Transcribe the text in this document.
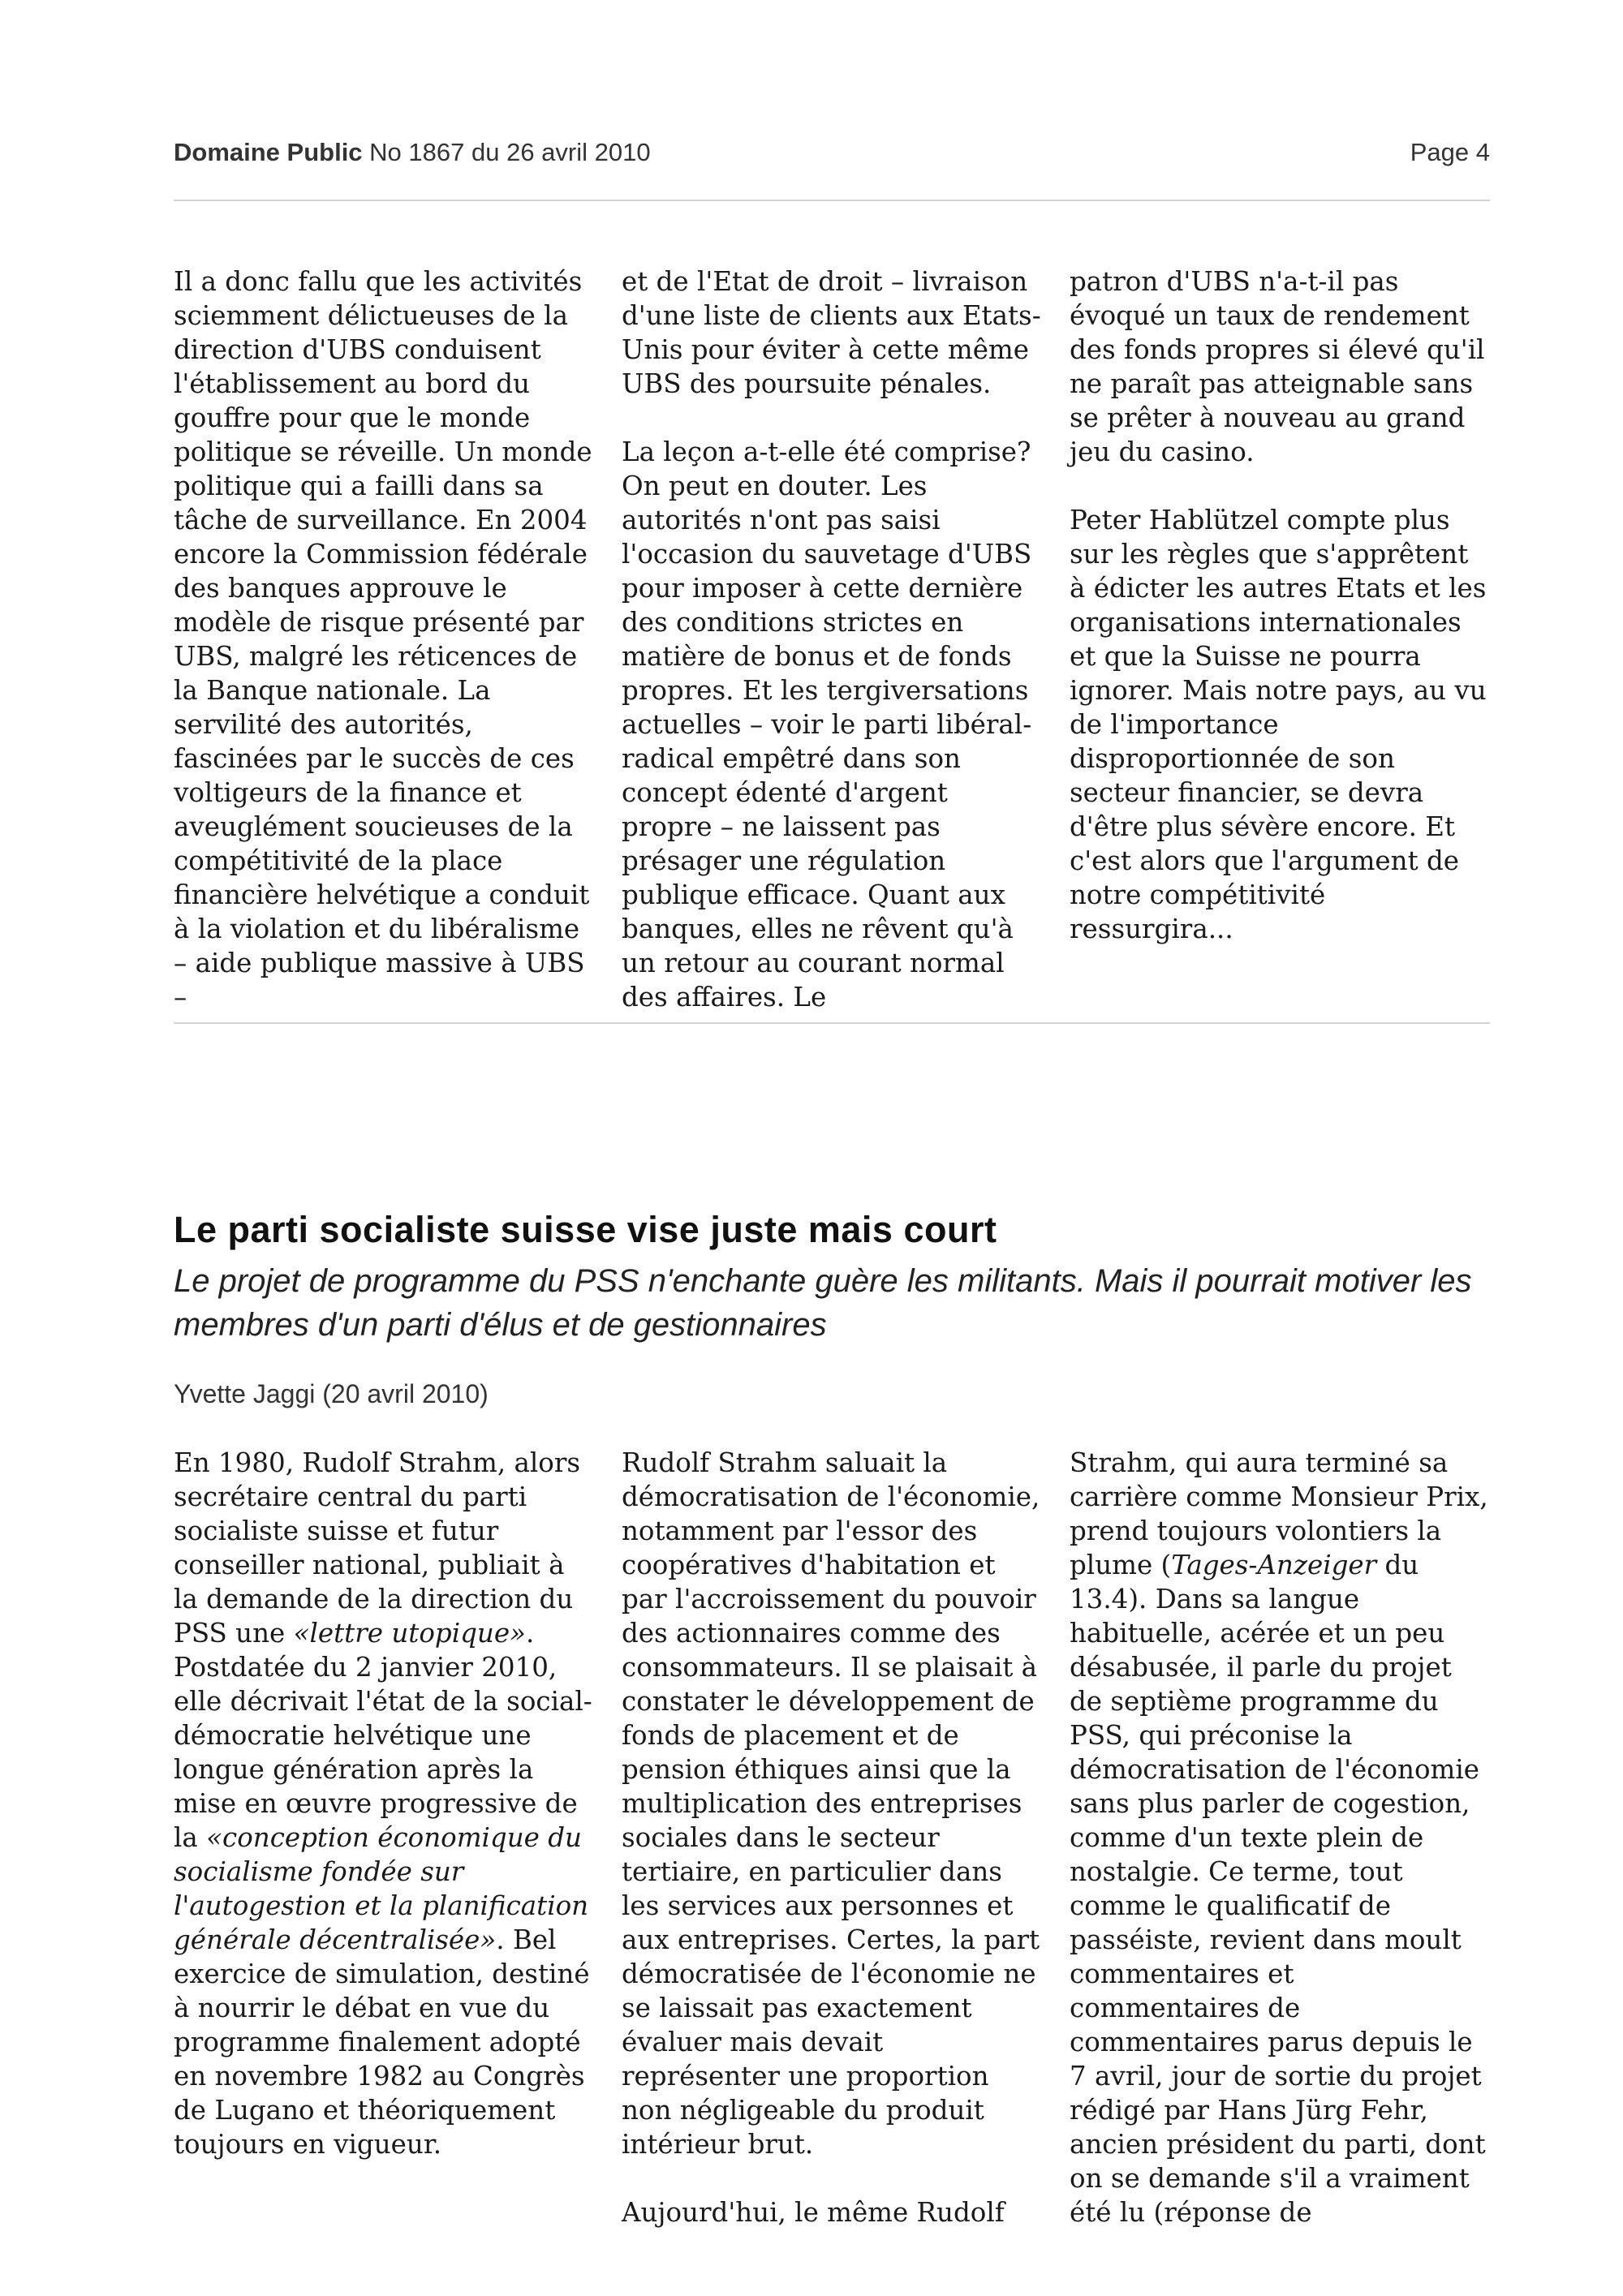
Domaine Public No 1867 du 26 avril 2010	Page 4

Il a donc fallu que les activités sciemment délictueuses de la direction d'UBS conduisent l'établissement au bord du gouffre pour que le monde politique se réveille. Un monde politique qui a failli dans sa tâche de surveillance. En 2004 encore la Commission fédérale des banques approuve le modèle de risque présenté par UBS, malgré les réticences de la Banque nationale. La servilité des autorités, fascinées par le succès de ces voltigeurs de la finance et aveuglément soucieuses de la compétitivité de la place financière helvétique a conduit à la violation et du libéralisme – aide publique massive à UBS –

et de l'Etat de droit – livraison d'une liste de clients aux Etats-Unis pour éviter à cette même UBS des poursuite pénales.

La leçon a-t-elle été comprise? On peut en douter. Les autorités n'ont pas saisi l'occasion du sauvetage d'UBS pour imposer à cette dernière des conditions strictes en matière de bonus et de fonds propres. Et les tergiversations actuelles – voir le parti libéral-radical empêtré dans son concept édenté d'argent propre – ne laissent pas présager une régulation publique efficace. Quant aux banques, elles ne rêvent qu'à un retour au courant normal des affaires. Le

patron d'UBS n'a-t-il pas évoqué un taux de rendement des fonds propres si élevé qu'il ne paraît pas atteignable sans se prêter à nouveau au grand jeu du casino.

Peter Hablützel compte plus sur les règles que s'apprêtent à édicter les autres Etats et les organisations internationales et que la Suisse ne pourra ignorer. Mais notre pays, au vu de l'importance disproportionnée de son secteur financier, se devra d'être plus sévère encore. Et c'est alors que l'argument de notre compétitivité ressurgira...

Le parti socialiste suisse vise juste mais court
Le projet de programme du PSS n'enchante guère les militants. Mais il pourrait motiver les membres d'un parti d'élus et de gestionnaires
Yvette Jaggi (20 avril 2010)

En 1980, Rudolf Strahm, alors secrétaire central du parti socialiste suisse et futur conseiller national, publiait à la demande de la direction du PSS une «lettre utopique». Postdatée du 2 janvier 2010, elle décrivait l'état de la social-démocratie helvétique une longue génération après la mise en œuvre progressive de la «conception économique du socialisme fondée sur l'autogestion et la planification générale décentralisée». Bel exercice de simulation, destiné à nourrir le débat en vue du programme finalement adopté en novembre 1982 au Congrès de Lugano et théoriquement toujours en vigueur.

Rudolf Strahm saluait la démocratisation de l'économie, notamment par l'essor des coopératives d'habitation et par l'accroissement du pouvoir des actionnaires comme des consommateurs. Il se plaisait à constater le développement de fonds de placement et de pension éthiques ainsi que la multiplication des entreprises sociales dans le secteur tertiaire, en particulier dans les services aux personnes et aux entreprises. Certes, la part démocratisée de l'économie ne se laissait pas exactement évaluer mais devait représenter une proportion non négligeable du produit intérieur brut.

Aujourd'hui, le même Rudolf

Strahm, qui aura terminé sa carrière comme Monsieur Prix, prend toujours volontiers la plume (Tages-Anzeiger du 13.4). Dans sa langue habituelle, acérée et un peu désabusée, il parle du projet de septième programme du PSS, qui préconise la démocratisation de l'économie sans plus parler de cogestion, comme d'un texte plein de nostalgie. Ce terme, tout comme le qualificatif de passéiste, revient dans moult commentaires et commentaires de commentaires parus depuis le 7 avril, jour de sortie du projet rédigé par Hans Jürg Fehr, ancien président du parti, dont on se demande s'il a vraiment été lu (réponse de
